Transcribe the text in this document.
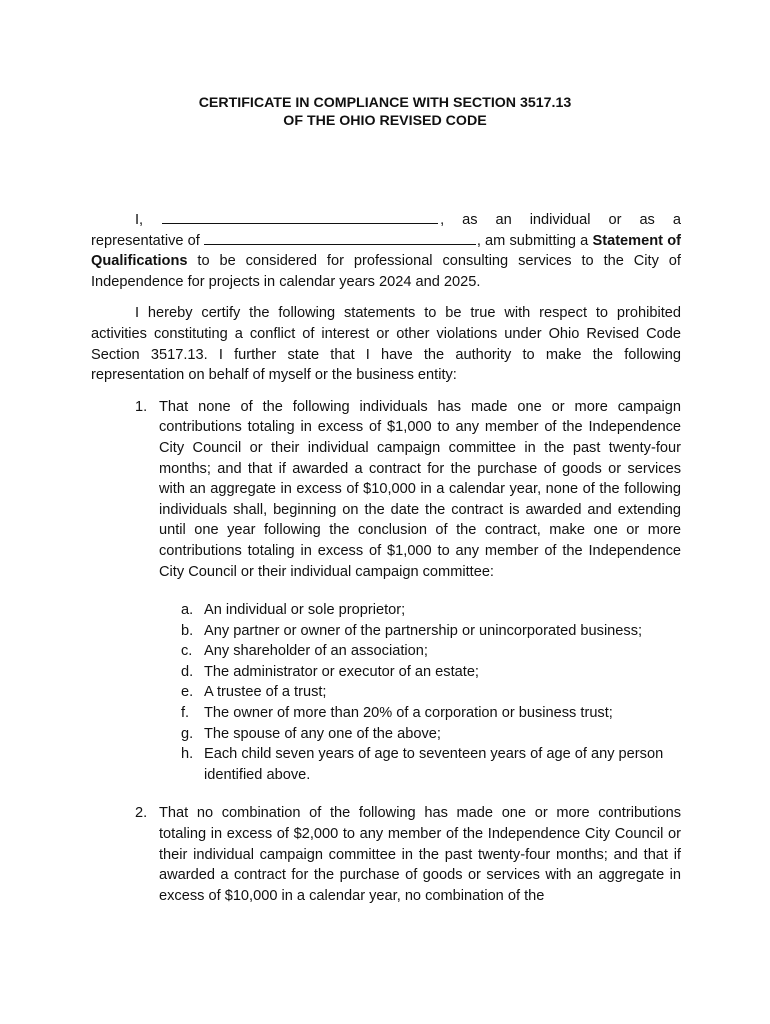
CERTIFICATE IN COMPLIANCE WITH SECTION 3517.13
OF THE OHIO REVISED CODE
I,	, as an individual or as a

representative of	, am submitting a Statement of Qualifications to be considered for professional consulting services to the City of Independence for projects in calendar years 2024 and 2025.

I hereby certify the following statements to be true with respect to prohibited activities constituting a conflict of interest or other violations under Ohio Revised Code Section 3517.13. I further state that I have the authority to make the following representation on behalf of myself or the business entity:

1. That none of the following individuals has made one or more campaign contributions totaling in excess of $1,000 to any member of the Independence City Council or their individual campaign committee in the past twenty-four months; and that if awarded a contract for the purchase of goods or services with an aggregate in excess of $10,000 in a calendar year, none of the following individuals shall, beginning on the date the contract is awarded and extending until one year following the conclusion of the contract, make one or more contributions totaling in excess of $1,000 to any member of the Independence City Council or their individual campaign committee:
a. An individual or sole proprietor;
b. Any partner or owner of the partnership or unincorporated business;
c. Any shareholder of an association;
d. The administrator or executor of an estate;
e. A trustee of a trust;
f.	The owner of more than 20% of a corporation or business trust;
g. The spouse of any one of the above;
h. Each child seven years of age to seventeen years of age of any person identified above.
2. That no combination of the following has made one or more contributions totaling in excess of $2,000 to any member of the Independence City Council or their individual campaign committee in the past twenty-four months; and that if awarded a contract for the purchase of goods or services with an aggregate in excess of $10,000 in a calendar year, no combination of the
